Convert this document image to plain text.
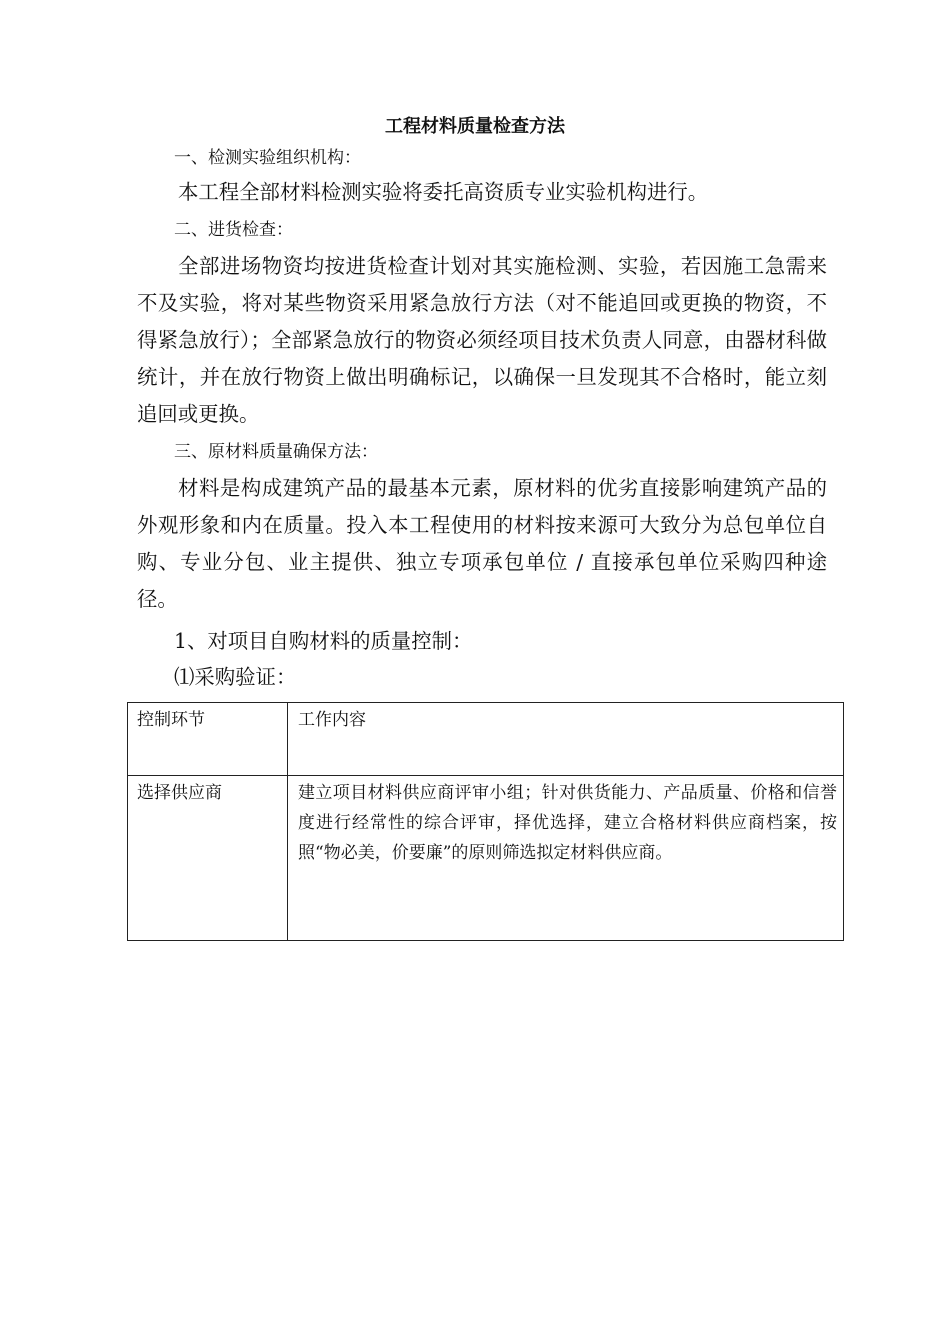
工程材料质量检查方法
一、检测实验组织机构：
本工程全部材料检测实验将委托高资质专业实验机构进行。
二、进货检查：
全部进场物资均按进货检查计划对其实施检测、实验，若因施工急需来不及实验，将对某些物资采用紧急放行方法（对不能追回或更换的物资，不得紧急放行）；全部紧急放行的物资必须经项目技术负责人同意，由器材科做统计，并在放行物资上做出明确标记，以确保一旦发现其不合格时，能立刻追回或更换。
三、原材料质量确保方法：
材料是构成建筑产品的最基本元素，原材料的优劣直接影响建筑产品的外观形象和内在质量。投入本工程使用的材料按来源可大致分为总包单位自购、专业分包、业主提供、独立专项承包单位 / 直接承包单位采购四种途径。
1、对项目自购材料的质量控制：
⑴采购验证：
控制环节	工作内容
选择供应商	建立项目材料供应商评审小组；针对供货能力、产品质量、价格和信誉度进行经常性的综合评审，择优选择，建立合格材料供应商档案，按照“物必美，价要廉”的原则筛选拟定材料供应商。
